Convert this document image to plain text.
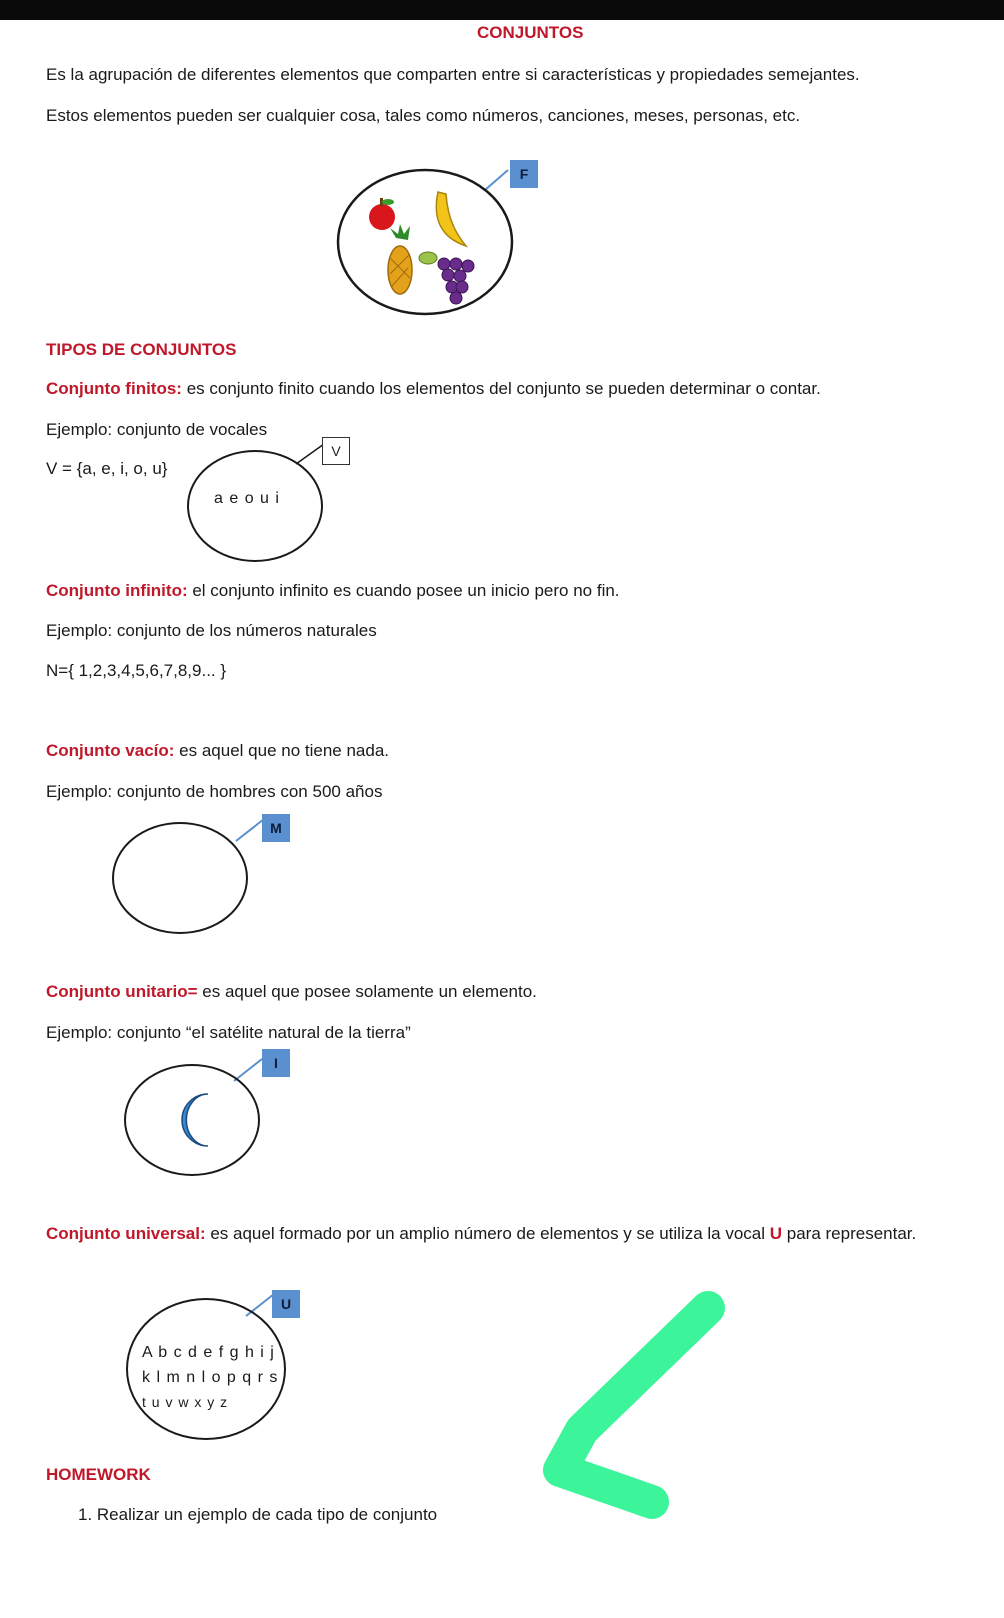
CONJUNTOS
Es la agrupación de diferentes elementos que comparten entre si características y propiedades semejantes.
Estos elementos pueden ser cualquier cosa, tales como números, canciones, meses, personas, etc.
F
TIPOS DE CONJUNTOS
Conjunto finitos: es conjunto finito cuando los elementos del conjunto se pueden determinar o contar.
Ejemplo: conjunto de vocales
V = {a, e, i, o, u}
V
a e o u i
Conjunto infinito: el conjunto infinito es cuando posee un inicio pero no fin.
Ejemplo: conjunto de los números naturales
N={ 1,2,3,4,5,6,7,8,9... }
Conjunto vacío: es aquel que no tiene nada.
Ejemplo: conjunto de hombres con 500 años
M
Conjunto unitario= es aquel que posee solamente un elemento.
Ejemplo: conjunto “el satélite natural de la tierra”
I
Conjunto universal: es aquel formado por un amplio número de elementos y se utiliza la vocal U para representar.
U
A b c d e f g h i j
k l m n l o p q r s
t u v w x y z
HOMEWORK
1. Realizar un ejemplo de cada tipo de conjunto
